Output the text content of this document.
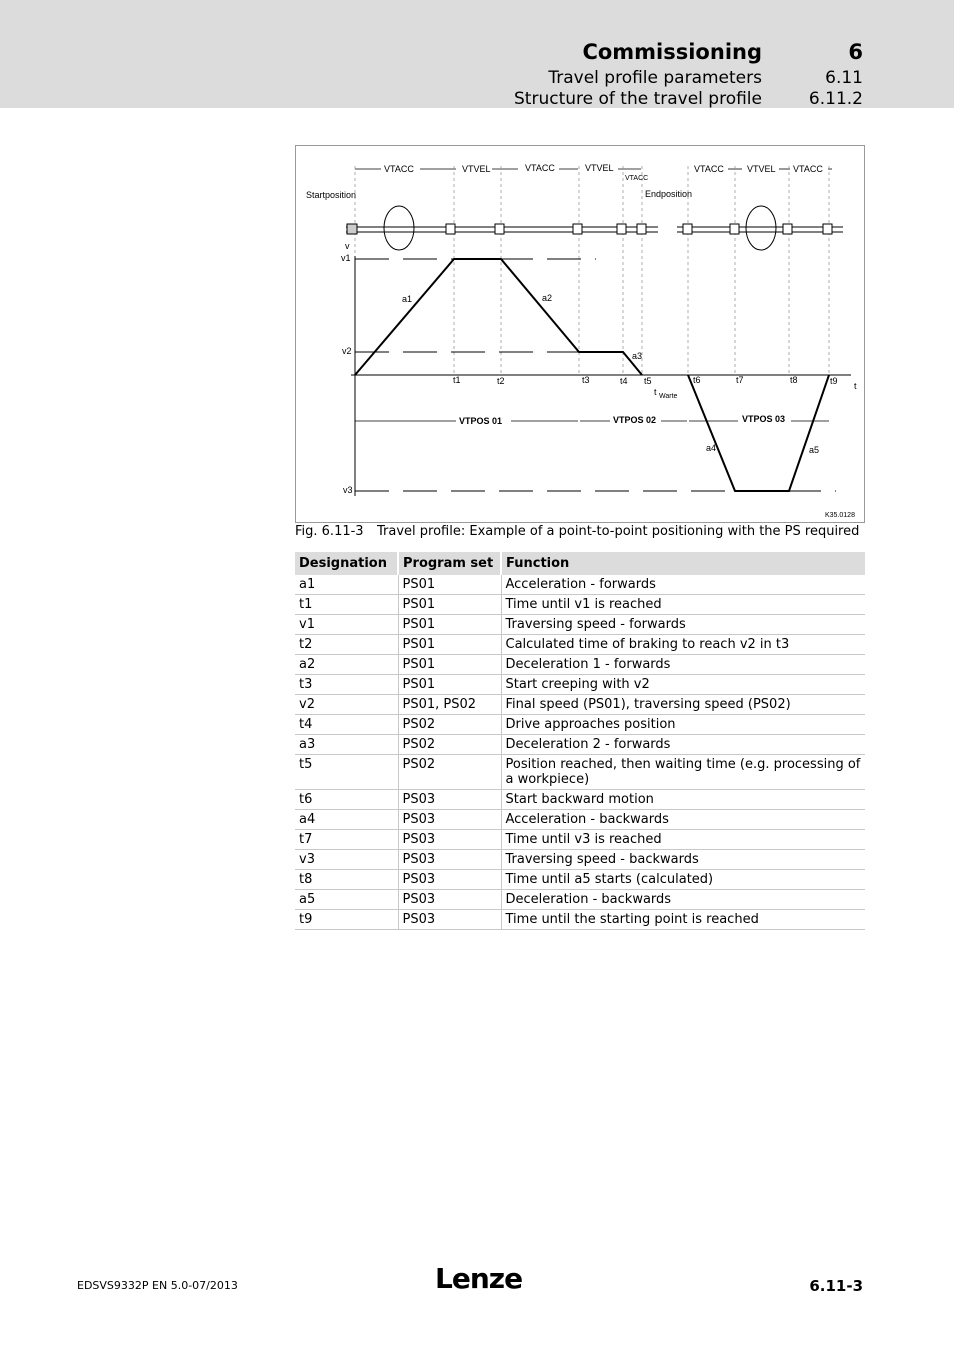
Commissioning	6
Travel profile parameters	6.11
Structure of the travel profile	6.11.2
VTACC	VTVEL	VTACC	VTVEL
VTACC
VTACC	VTVEL VTACC
Startposition	Endposition
v
t
v1
v2
v3
t1	t2	t3	t4 t5	t6	t7	t8	t9
a1	a2
a3
a4	a5
t Warte
VTPOS 01	VTPOS 02	VTPOS 03
K35.0128
Fig. 6.11-3 Travel profile: Example of a point-to-point positioning with the PS required
Designation	Program set	Function
a1	PS01	Acceleration - forwards
t1	PS01	Time until v1 is reached
v1	PS01	Traversing speed - forwards
t2	PS01	Calculated time of braking to reach v2 in t3
a2	PS01	Deceleration 1 - forwards
t3	PS01	Start creeping with v2
v2	PS01, PS02	Final speed (PS01), traversing speed (PS02)
t4	PS02	Drive approaches position
a3	PS02	Deceleration 2 - forwards
t5	PS02	Position reached, then waiting time (e.g. processing of a workpiece)
t6	PS03	Start backward motion
a4	PS03	Acceleration - backwards
t7	PS03	Time until v3 is reached
v3	PS03	Traversing speed - backwards
t8	PS03	Time until a5 starts (calculated)
a5	PS03	Deceleration - backwards
t9	PS03	Time until the starting point is reached
EDSVS9332P EN 5.0-07/2013	Lenze	6.11-3
